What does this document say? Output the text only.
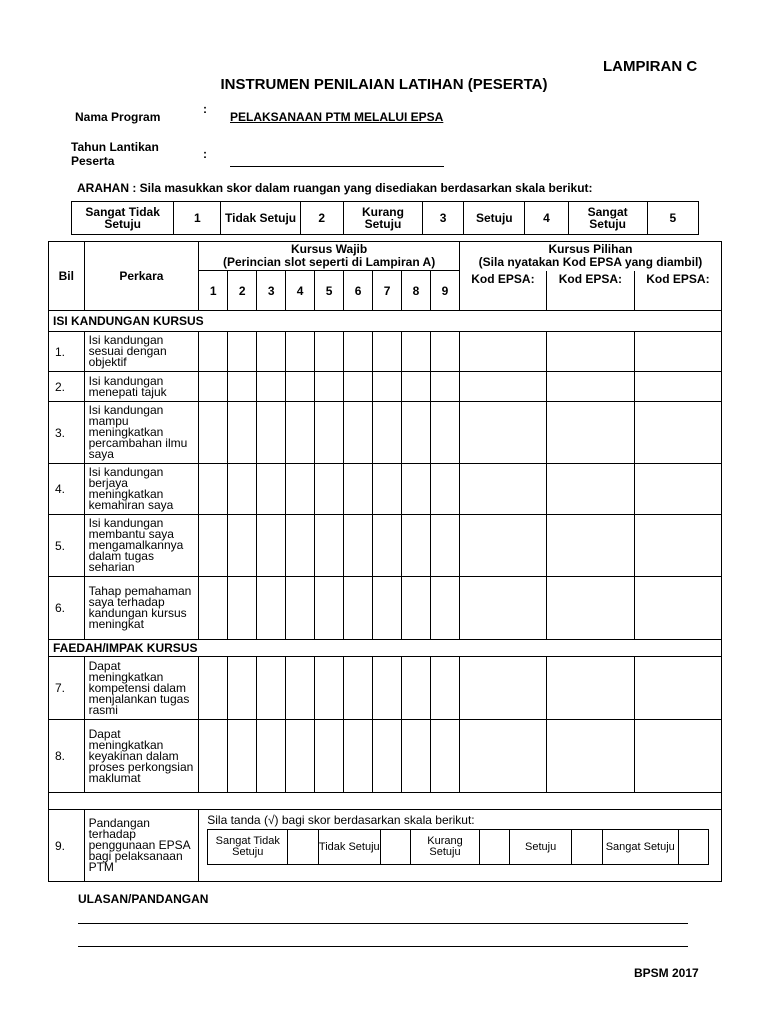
LAMPIRAN C
INSTRUMEN PENILAIAN LATIHAN (PESERTA)
Nama Program
:
PELAKSANAAN PTM MELALUI EPSA
Tahun Lantikan
Peserta	:
ARAHAN : Sila masukkan skor dalam ruangan yang disediakan berdasarkan skala berikut:
Sangat Tidak Setuju	1	Tidak Setuju	2	Kurang Setuju	3	Setuju	4	Sangat Setuju	5
Bil	Perkara	
Kursus Wajib
(Perincian slot seperti di Lampiran A)

Kursus Pilihan
(Sila nyatakan Kod EPSA yang diambil)

1	2	3	4	5	6	7	8	9	Kod EPSA:	Kod EPSA:	Kod EPSA:
ISI KANDUNGAN KURSUS
1.	Isi kandungan sesuai dengan objektif												
2.	Isi kandungan menepati tajuk												
3.	Isi kandungan mampu meningkatkan percambahan ilmu saya												
4.	Isi kandungan berjaya meningkatkan kemahiran saya												
5.	Isi kandungan membantu saya mengamalkannya dalam tugas seharian												
6.	Tahap pemahaman saya terhadap kandungan kursus meningkat												
FAEDAH/IMPAK KURSUS
7.	Dapat meningkatkan kompetensi dalam menjalankan tugas rasmi												
8.	Dapat meningkatkan keyakinan dalam proses perkongsian maklumat												

9.	Pandangan terhadap penggunaan EPSA bagi pelaksanaan PTM	
Sila tanda (√) bagi skor berdasarkan skala berikut:
Sangat Tidak Setuju		Tidak Setuju		Kurang Setuju		Setuju		Sangat Setuju	
ULASAN/PANDANGAN
BPSM 2017
